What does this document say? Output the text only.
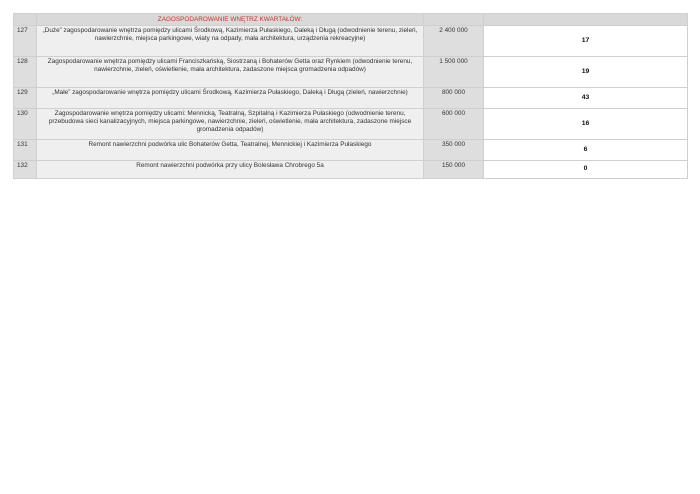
	ZAGOSPODAROWANIE WNĘTRZ KWARTAŁÓW:		
127	„Duże” zagospodarowanie wnętrza pomiędzy ulicami Środkową, Kazimierza Pułaskiego, Daleką i Długą (odwodnienie terenu, zieleń, nawierzchnie, miejsca parkingowe, wiaty na odpady, mała architektura, urządzenia rekreacyjne)	2 400 000	17
128	Zagospodarowanie wnętrza pomiędzy ulicami Franciszkańską, Siostrzaną i Bohaterów Getta oraz Rynkiem (odwodnienie terenu, nawierzchnie, zieleń, oświetlenie, mała architektura, zadaszone miejsca gromadzenia odpadów)	1 500 000	19
129	„Małe” zagospodarowanie wnętrza pomiędzy ulicami Środkową, Kazimierza Pułaskiego, Daleką i Długą (zieleń, nawierzchnie)	800 000	43
130	Zagospodarowanie wnętrza pomiędzy ulicami: Mennicką, Teatralną, Szpitalną i Kazimierza Pułaskiego (odwodnienie terenu, przebudowa sieci kanalizacyjnych, miejsca parkingowe, nawierzchnie, zieleń, oświetlenie, mała architektura, zadaszone miejsce gromadzenia odpadów)	600 000	16
131	Remont nawierzchni podwórka ulic Bohaterów Getta, Teatralnej, Mennickiej i Kazimierza Pułaskiego	350 000	6
132	Remont nawierzchni podwórka przy ulicy Bolesława Chrobrego 5a	150 000	0
